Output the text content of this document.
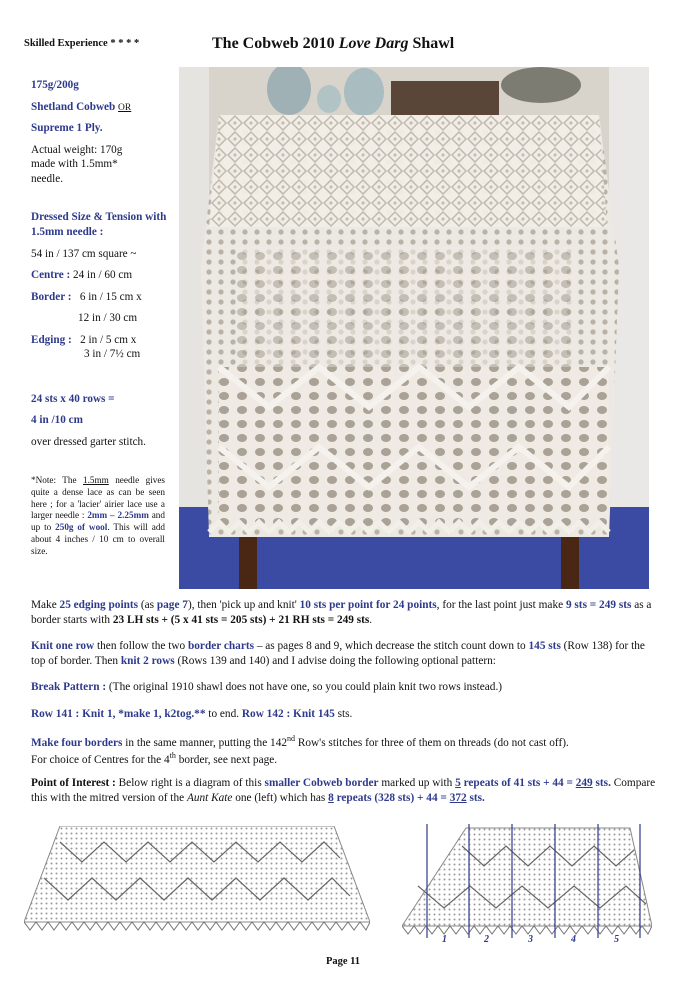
Skilled Experience * * * *	The Cobweb 2010 Love Darg Shawl

175g/200g

Shetland Cobweb OR

Supreme 1 Ply.

Actual weight: 170g made with 1.5mm* needle.

Dressed Size & Tension with 1.5mm needle :

54 in / 137 cm square ~

Centre : 24 in / 60 cm

Border : 6 in / 15 cm x

12 in / 30 cm

Edging : 2 in / 5 cm x

3 in / 7½ cm

24 sts x 40 rows =

4 in /10 cm

over dressed garter stitch.

*Note: The 1.5mm needle gives quite a dense lace as can be seen here ; for a 'lacier' airier lace use a larger needle : 2mm – 2.25mm and up to 250g of wool. This will add about 4 inches / 10 cm to overall size.

Make 25 edging points (as page 7), then 'pick up and knit' 10 sts per point for 24 points, for the last point just make 9 sts = 249 sts as a border starts with 23 LH sts + (5 x 41 sts = 205 sts) + 21 RH sts = 249 sts.

Knit one row then follow the two border charts – as pages 8 and 9, which decrease the stitch count down to 145 sts (Row 138) for the top of border. Then knit 2 rows (Rows 139 and 140) and I advise doing the following optional pattern:

Break Pattern : (The original 1910 shawl does not have one, so you could plain knit two rows instead.)

Row 141 : Knit 1, *make 1, k2tog.** to end. Row 142 : Knit 145 sts.

Make four borders in the same manner, putting the 142nd Row's stitches for three of them on threads (do not cast off).

For choice of Centres for the 4th border, see next page.

Point of Interest : Below right is a diagram of this smaller Cobweb border marked up with 5 repeats of 41 sts + 44 = 249 sts. Compare this with the mitred version of the Aunt Kate one (left) which has 8 repeats (328 sts) + 44 = 372 sts.

1	2	3	4	5
Page 11
